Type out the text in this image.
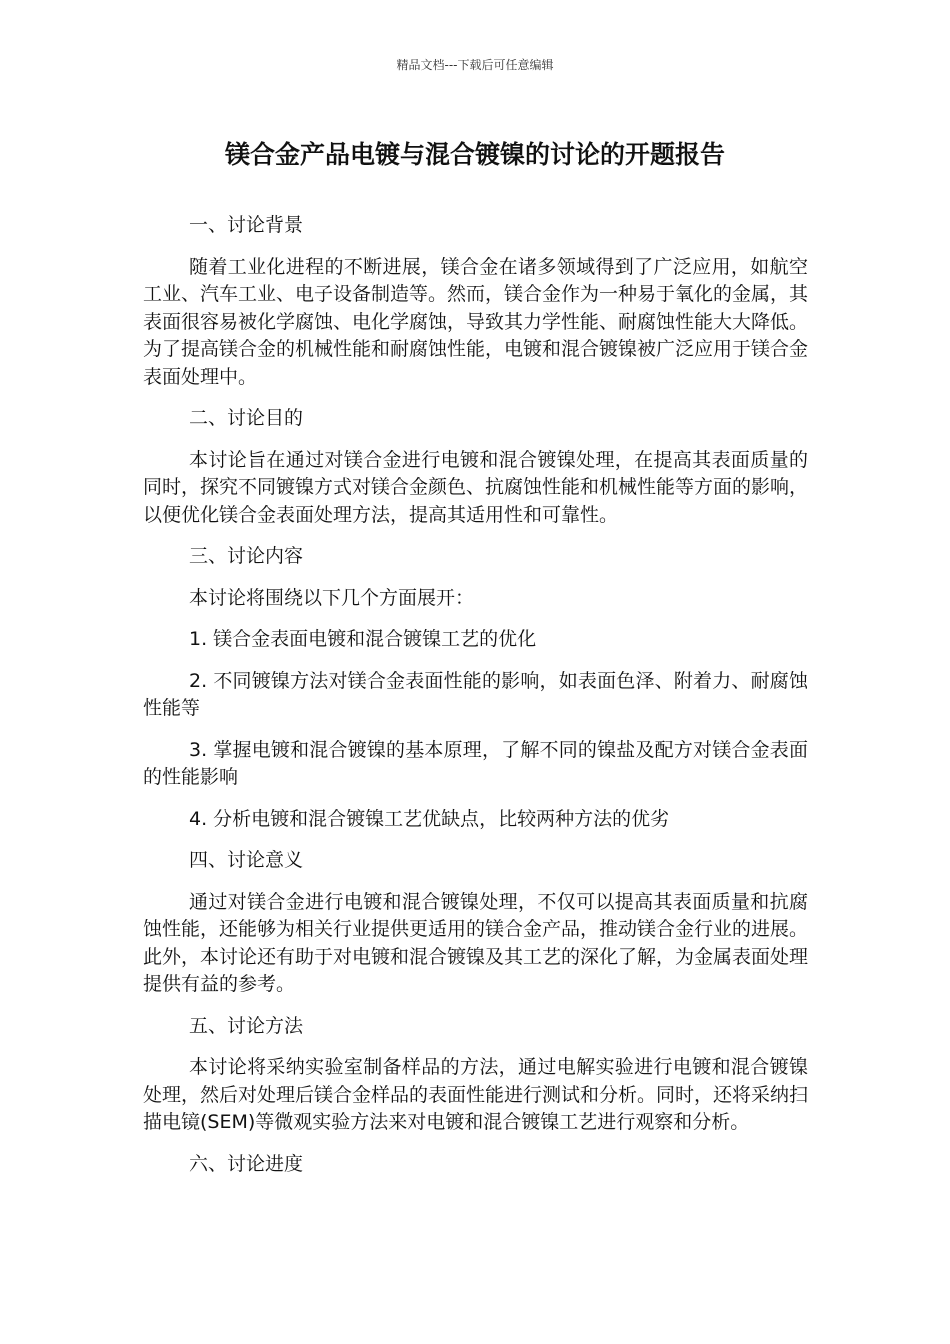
精品文档---下载后可任意编辑
镁合金产品电镀与混合镀镍的讨论的开题报告

一、讨论背景

随着工业化进程的不断进展，镁合金在诸多领域得到了广泛应用，如航空工业、汽车工业、电子设备制造等。然而，镁合金作为一种易于氧化的金属，其表面很容易被化学腐蚀、电化学腐蚀，导致其力学性能、耐腐蚀性能大大降低。为了提高镁合金的机械性能和耐腐蚀性能，电镀和混合镀镍被广泛应用于镁合金表面处理中。

二、讨论目的

本讨论旨在通过对镁合金进行电镀和混合镀镍处理，在提高其表面质量的同时，探究不同镀镍方式对镁合金颜色、抗腐蚀性能和机械性能等方面的影响，以便优化镁合金表面处理方法，提高其适用性和可靠性。

三、讨论内容

本讨论将围绕以下几个方面展开：

1. 镁合金表面电镀和混合镀镍工艺的优化

2. 不同镀镍方法对镁合金表面性能的影响，如表面色泽、附着力、耐腐蚀性能等

3. 掌握电镀和混合镀镍的基本原理，了解不同的镍盐及配方对镁合金表面的性能影响

4. 分析电镀和混合镀镍工艺优缺点，比较两种方法的优劣

四、讨论意义

通过对镁合金进行电镀和混合镀镍处理，不仅可以提高其表面质量和抗腐蚀性能，还能够为相关行业提供更适用的镁合金产品，推动镁合金行业的进展。此外，本讨论还有助于对电镀和混合镀镍及其工艺的深化了解，为金属表面处理提供有益的参考。

五、讨论方法

本讨论将采纳实验室制备样品的方法，通过电解实验进行电镀和混合镀镍处理，然后对处理后镁合金样品的表面性能进行测试和分析。同时，还将采纳扫描电镜(SEM)等微观实验方法来对电镀和混合镀镍工艺进行观察和分析。

六、讨论进度
